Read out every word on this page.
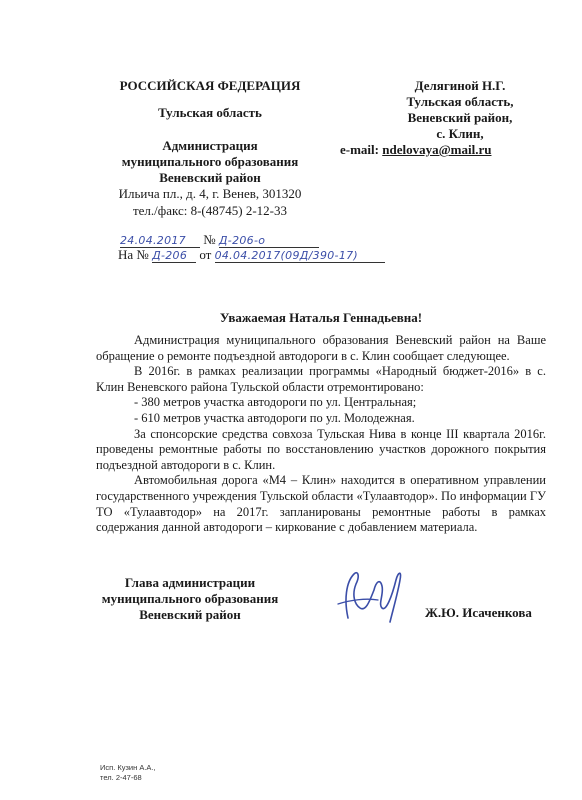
РОССИЙСКАЯ ФЕДЕРАЦИЯ
Тульская область
Администрация
муниципального образования
Веневский район
Ильича пл., д. 4, г. Венев, 301320
тел./факс: 8-(48745) 2-12-33
Делягиной Н.Г.
Тульская область,
Веневский район,
с. Клин,
e-mail: ndelovaya@mail.ru
24.04.2017 № Д-206-о
На № Д-206 от 04.04.2017(09Д/390-17)
Уважаемая Наталья Геннадьевна!

Администрация муниципального образования Веневский район на Ваше обращение о ремонте подъездной автодороги в с. Клин сообщает следующее.

В 2016г. в рамках реализации программы «Народный бюджет-2016» в с. Клин Веневского района Тульской области отремонтировано:

- 380 метров участка автодороги по ул. Центральная;

- 610 метров участка автодороги по ул. Молодежная.

За спонсорские средства совхоза Тульская Нива в конце III квартала 2016г. проведены ремонтные работы по восстановлению участков дорожного покрытия подъездной автодороги в с. Клин.

Автомобильная дорога «М4 – Клин» находится в оперативном управлении государственного учреждения Тульской области «Тулаавтодор». По информации ГУ ТО «Тулаавтодор» на 2017г. запланированы ремонтные работы в рамках содержания данной автодороги – киркование с добавлением материала.

Глава администрации
муниципального образования
Веневский район	Ж.Ю. Исаченкова
Исп. Кузин А.А.,
тел. 2-47-68
